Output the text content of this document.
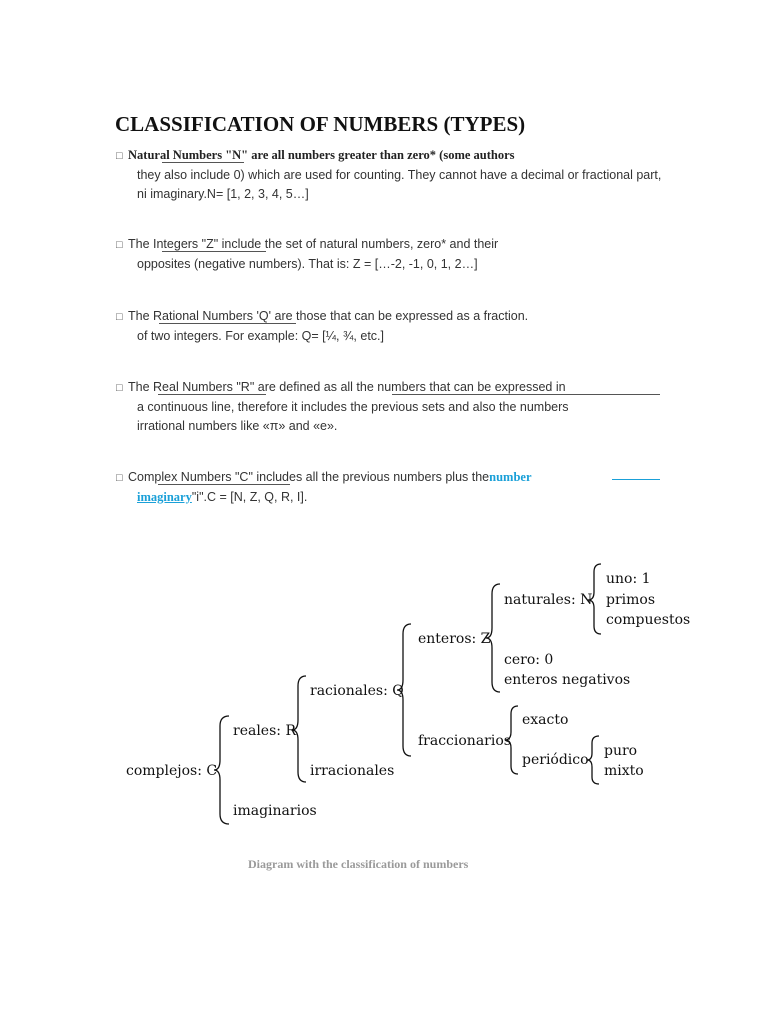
CLASSIFICATION OF NUMBERS (TYPES)
□ Natural Numbers "N" are all numbers greater than zero* (some authors
they also include 0) which are used for counting. They cannot have a decimal or fractional part,
ni imaginary.N= [1, 2, 3, 4, 5…]
□ The Integers "Z" include the set of natural numbers, zero* and their
opposites (negative numbers). That is: Z = […-2, -1, 0, 1, 2…]
□ The Rational Numbers 'Q' are those that can be expressed as a fraction.
of two integers. For example: Q= [¼, ¾, etc.]
□ The Real Numbers "R" are defined as all the numbers that can be expressed in
a continuous line, therefore it includes the previous sets and also the numbers
irrational numbers like «π» and «e».
□ Complex Numbers "C" includes all the previous numbers plus thenumber
imaginary"i".C = [N, Z, Q, R, I].
complejos: C
reales: R
imaginarios
racionales: Q
irracionales
enteros: Z
fraccionarios
naturales: N
cero: 0
enteros negativos
uno: 1
primos
compuestos
exacto
periódico
puro
mixto
Diagram with the classification of numbers
